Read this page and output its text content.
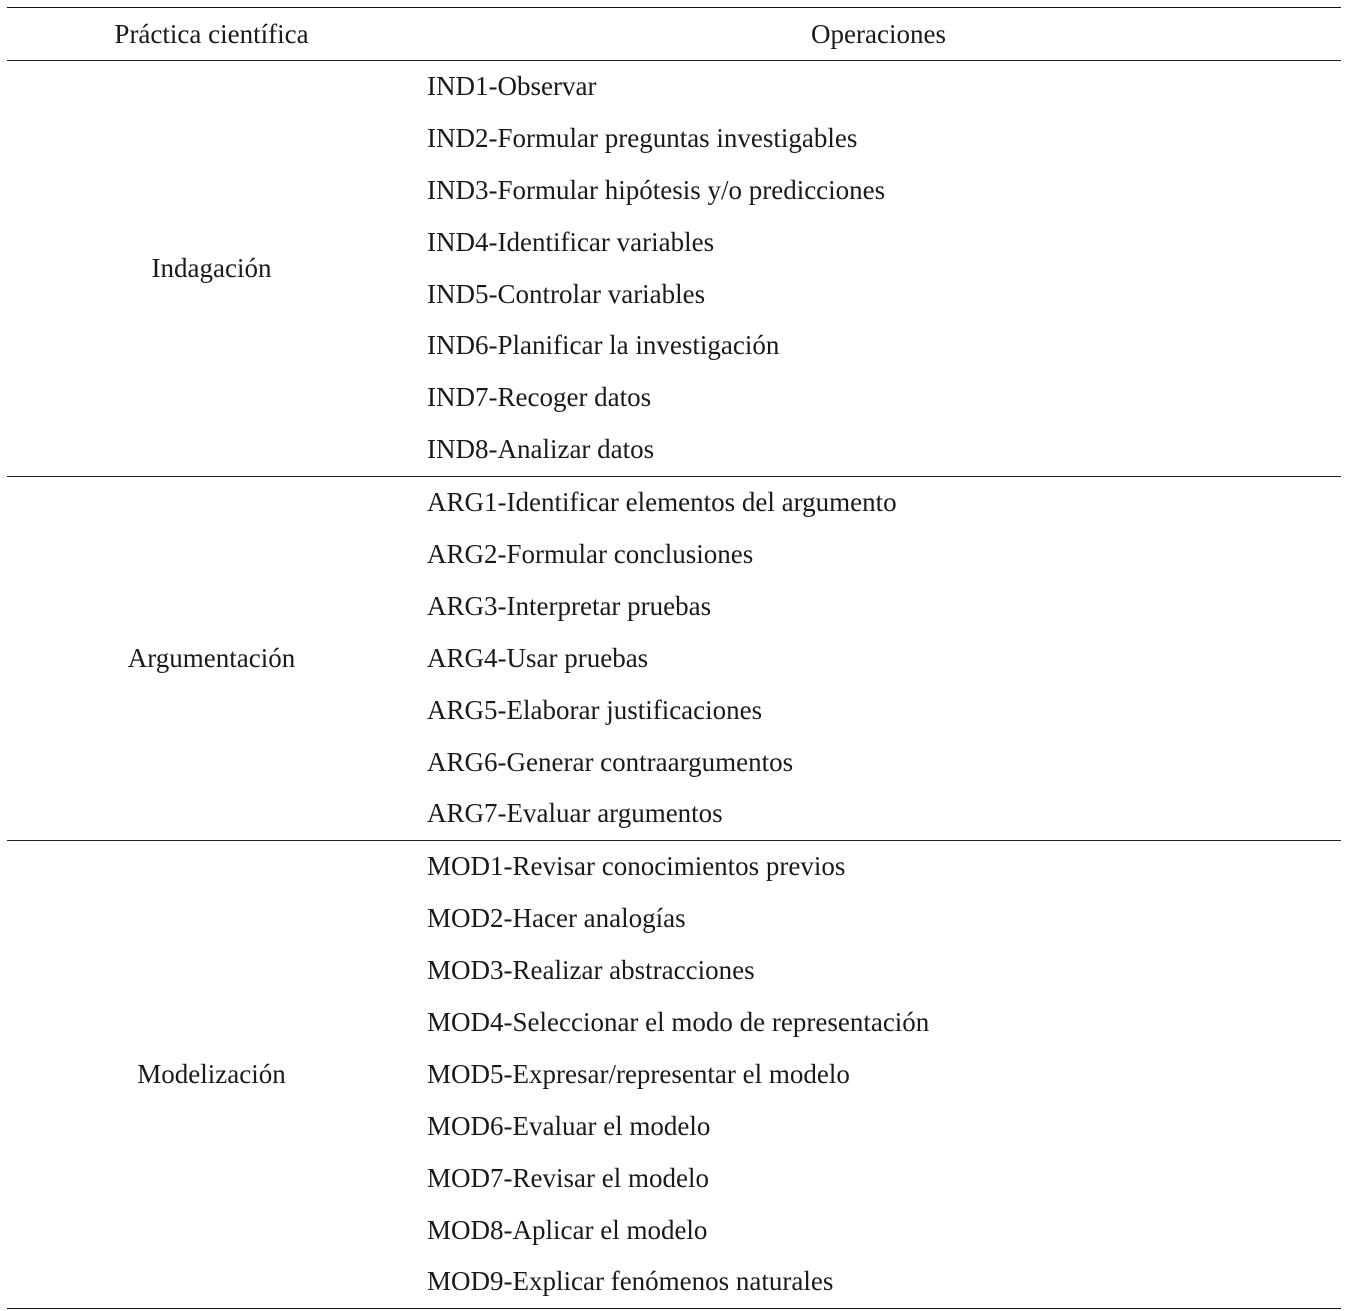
Práctica científica	Operaciones
Indagación
IND1-Observar
IND2-Formular preguntas investigables
IND3-Formular hipótesis y/o predicciones
IND4-Identificar variables
IND5-Controlar variables
IND6-Planificar la investigación
IND7-Recoger datos
IND8-Analizar datos
Argumentación
ARG1-Identificar elementos del argumento
ARG2-Formular conclusiones
ARG3-Interpretar pruebas
ARG4-Usar pruebas
ARG5-Elaborar justificaciones
ARG6-Generar contraargumentos
ARG7-Evaluar argumentos
Modelización
MOD1-Revisar conocimientos previos
MOD2-Hacer analogías
MOD3-Realizar abstracciones
MOD4-Seleccionar el modo de representación
MOD5-Expresar/representar el modelo
MOD6-Evaluar el modelo
MOD7-Revisar el modelo
MOD8-Aplicar el modelo
MOD9-Explicar fenómenos naturales
